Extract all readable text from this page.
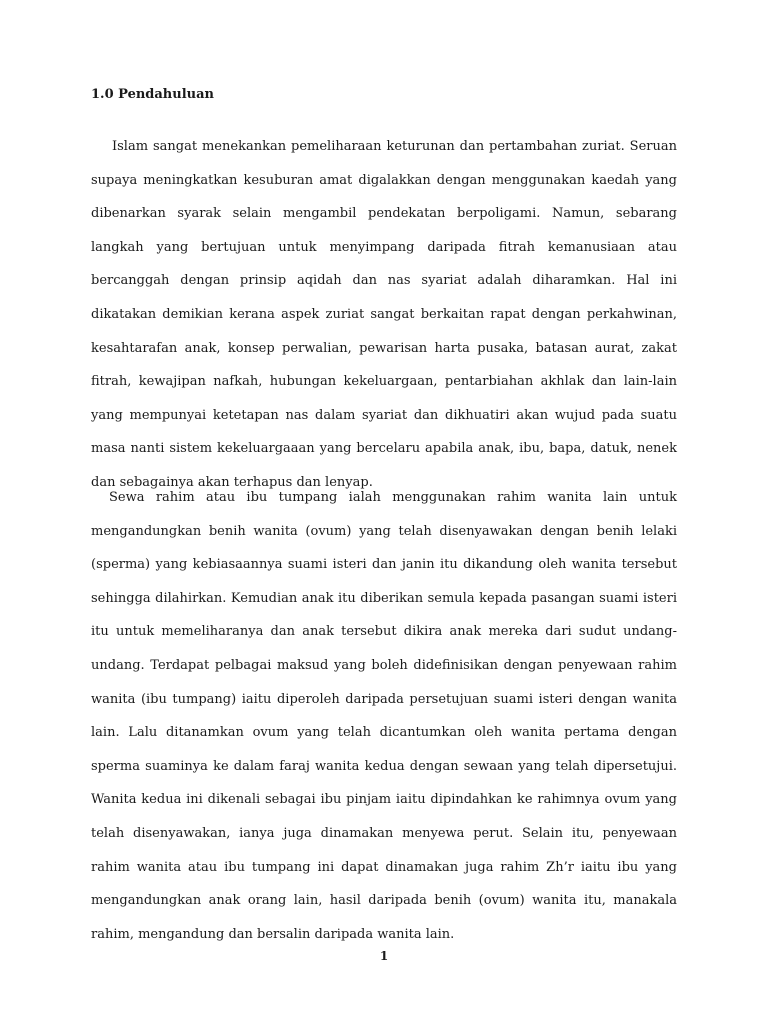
1.0 Pendahuluan

Islam sangat menekankan pemeliharaan keturunan dan pertambahan zuriat. Seruan supaya meningkatkan kesuburan amat digalakkan dengan menggunakan kaedah yang dibenarkan syarak selain mengambil pendekatan berpoligami. Namun, sebarang langkah yang bertujuan untuk menyimpang daripada fitrah kemanusiaan atau bercanggah dengan prinsip aqidah dan nas syariat adalah diharamkan. Hal ini dikatakan demikian kerana aspek zuriat sangat berkaitan rapat dengan perkahwinan, kesahtarafan anak, konsep perwalian, pewarisan harta pusaka, batasan aurat, zakat fitrah, kewajipan nafkah, hubungan kekeluargaan, pentarbiahan akhlak dan lain-lain yang mempunyai ketetapan nas dalam syariat dan dikhuatiri akan wujud pada suatu masa nanti sistem kekeluargaaan yang bercelaru apabila anak, ibu, bapa, datuk, nenek dan sebagainya akan terhapus dan lenyap.

Sewa rahim atau ibu tumpang ialah menggunakan rahim wanita lain untuk mengandungkan benih wanita (ovum) yang telah disenyawakan dengan benih lelaki (sperma) yang kebiasaannya suami isteri dan janin itu dikandung oleh wanita tersebut sehingga dilahirkan. Kemudian anak itu diberikan semula kepada pasangan suami isteri itu untuk memeliharanya dan anak tersebut dikira anak mereka dari sudut undang-undang. Terdapat pelbagai maksud yang boleh didefinisikan dengan penyewaan rahim wanita (ibu tumpang) iaitu diperoleh daripada persetujuan suami isteri dengan wanita lain. Lalu ditanamkan ovum yang telah dicantumkan oleh wanita pertama dengan sperma suaminya ke dalam faraj wanita kedua dengan sewaan yang telah dipersetujui. Wanita kedua ini dikenali sebagai ibu pinjam iaitu dipindahkan ke rahimnya ovum yang telah disenyawakan, ianya juga dinamakan menyewa perut. Selain itu, penyewaan rahim wanita atau ibu tumpang ini dapat dinamakan juga rahim Zh’r iaitu ibu yang mengandungkan anak orang lain, hasil daripada benih (ovum) wanita itu, manakala rahim, mengandung dan bersalin daripada wanita lain.

1
